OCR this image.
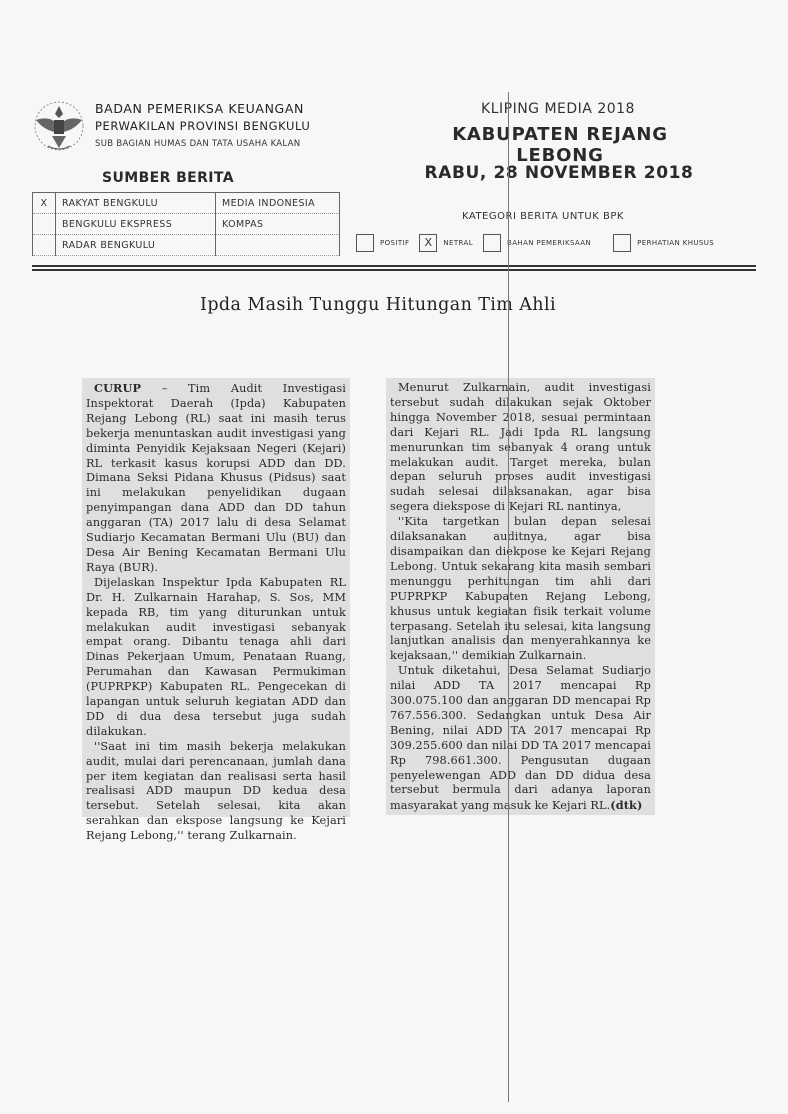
BADAN PEMERIKSA KEUANGAN
PERWAKILAN PROVINSI BENGKULU
SUB BAGIAN HUMAS DAN TATA USAHA KALAN
KLIPING MEDIA 2018
KABUPATEN REJANG LEBONG
RABU, 28 NOVEMBER 2018
SUMBER BERITA
X	RAKYAT BENGKULU	MEDIA INDONESIA
	BENGKULU EKSPRESS	KOMPAS
	RADAR BENGKULU	
KATEGORI BERITA UNTUK BPK
POSITIF	X	NETRAL	BAHAN PEMERIKSAAN	PERHATIAN KHUSUS
Ipda Masih Tunggu Hitungan Tim Ahli

CURUP – Tim Audit Investigasi Inspektorat Daerah (Ipda) Kabupaten Rejang Lebong (RL) saat ini masih terus bekerja menuntaskan audit investigasi yang diminta Penyidik Kejaksaan Negeri (Kejari) RL terkasit kasus korupsi ADD dan DD. Dimana Seksi Pidana Khusus (Pidsus) saat ini melakukan penyelidikan dugaan penyimpangan dana ADD dan DD tahun anggaran (TA) 2017 lalu di desa Selamat Sudiarjo Kecamatan Bermani Ulu (BU) dan Desa Air Bening Kecamatan Bermani Ulu Raya (BUR).

Dijelaskan Inspektur Ipda Kabupaten RL Dr. H. Zulkarnain Harahap, S. Sos, MM kepada RB, tim yang diturunkan untuk melakukan audit investigasi sebanyak empat orang. Dibantu tenaga ahli dari Dinas Pekerjaan Umum, Penataan Ruang, Perumahan dan Kawasan Permukiman (PUPRPKP) Kabupaten RL. Pengecekan di lapangan untuk seluruh kegiatan ADD dan DD di dua desa tersebut juga sudah dilakukan.

''Saat ini tim masih bekerja melakukan audit, mulai dari perencanaan, jumlah dana per item kegiatan dan realisasi serta hasil realisasi ADD maupun DD kedua desa tersebut. Setelah selesai, kita akan serahkan dan ekspose langsung ke Kejari Rejang Lebong,'' terang Zulkarnain.

Menurut Zulkarnain, audit investigasi tersebut sudah dilakukan sejak Oktober hingga November 2018, sesuai permintaan dari Kejari RL. Jadi Ipda RL langsung menurunkan tim sebanyak 4 orang untuk melakukan audit. Target mereka, bulan depan seluruh proses audit investigasi sudah selesai dilaksanakan, agar bisa segera diekspose di Kejari RL nantinya,

''Kita targetkan bulan depan selesai dilaksanakan auditnya, agar bisa disampaikan dan diekpose ke Kejari Rejang Lebong. Untuk sekarang kita masih sembari menunggu perhitungan tim ahli dari PUPRPKP Kabupaten Rejang Lebong, khusus untuk kegiatan fisik terkait volume terpasang. Setelah itu selesai, kita langsung lanjutkan analisis dan menyerahkannya ke kejaksaan,'' demikian Zulkarnain.

Untuk diketahui, Desa Selamat Sudiarjo nilai ADD TA 2017 mencapai Rp 300.075.100 dan anggaran DD mencapai Rp 767.556.300. Sedangkan untuk Desa Air Bening, nilai ADD TA 2017 mencapai Rp 309.255.600 dan nilai DD TA 2017 mencapai Rp 798.661.300. Pengusutan dugaan penyelewengan ADD dan DD didua desa tersebut bermula dari adanya laporan masyarakat yang masuk ke Kejari RL.(dtk)
